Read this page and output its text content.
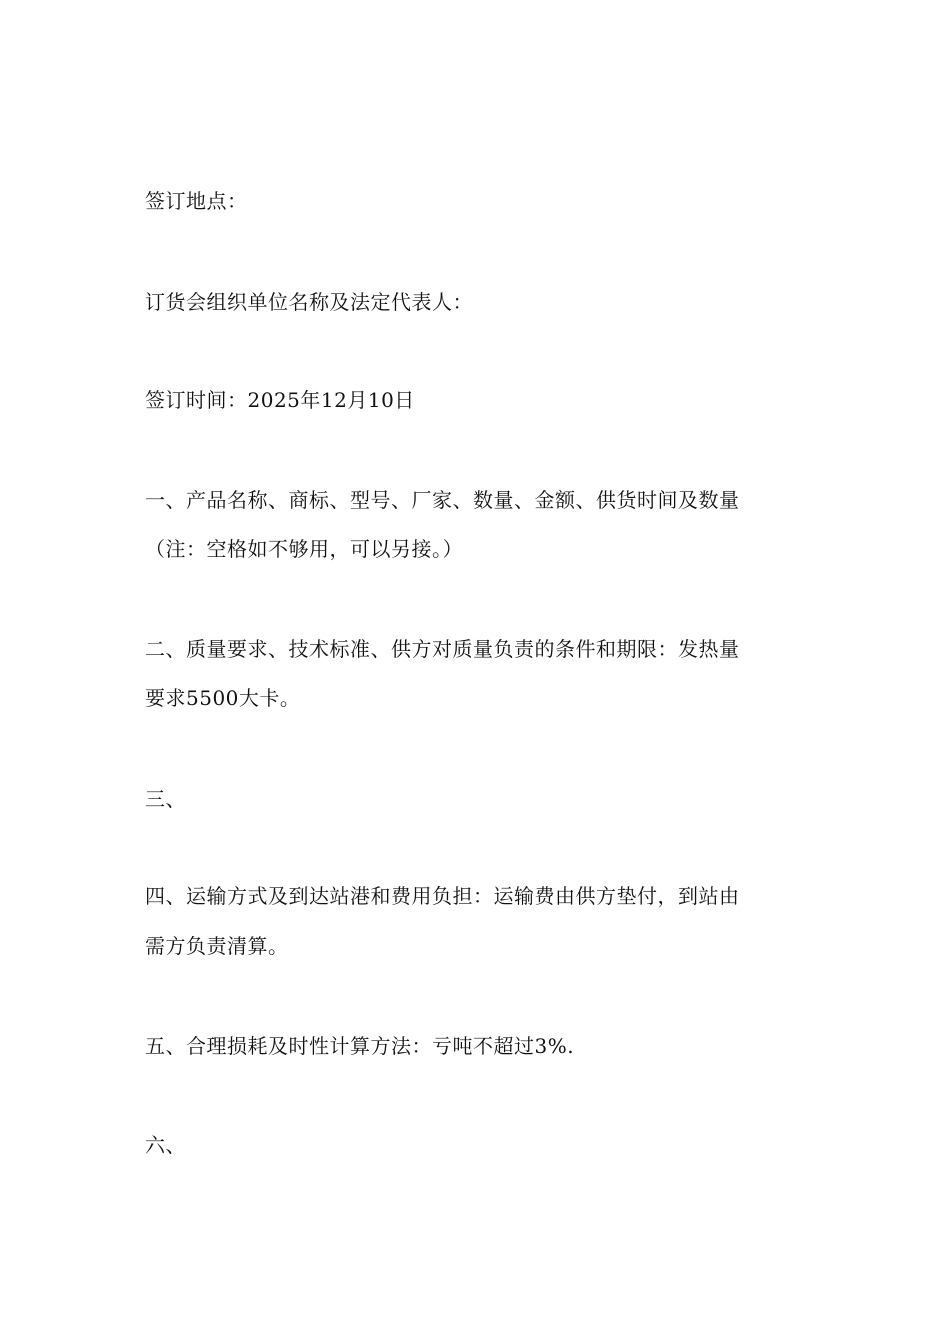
签订地点：
订货会组织单位名称及法定代表人：
签订时间：2025年12月10日
一、产品名称、商标、型号、厂家、数量、金额、供货时间及数量
（注：空格如不够用，可以另接。）
二、质量要求、技术标准、供方对质量负责的条件和期限：发热量
要求5500大卡。
三、
四、运输方式及到达站港和费用负担：运输费由供方垫付，到站由
需方负责清算。
五、合理损耗及时性计算方法：亏吨不超过3%.
六、
